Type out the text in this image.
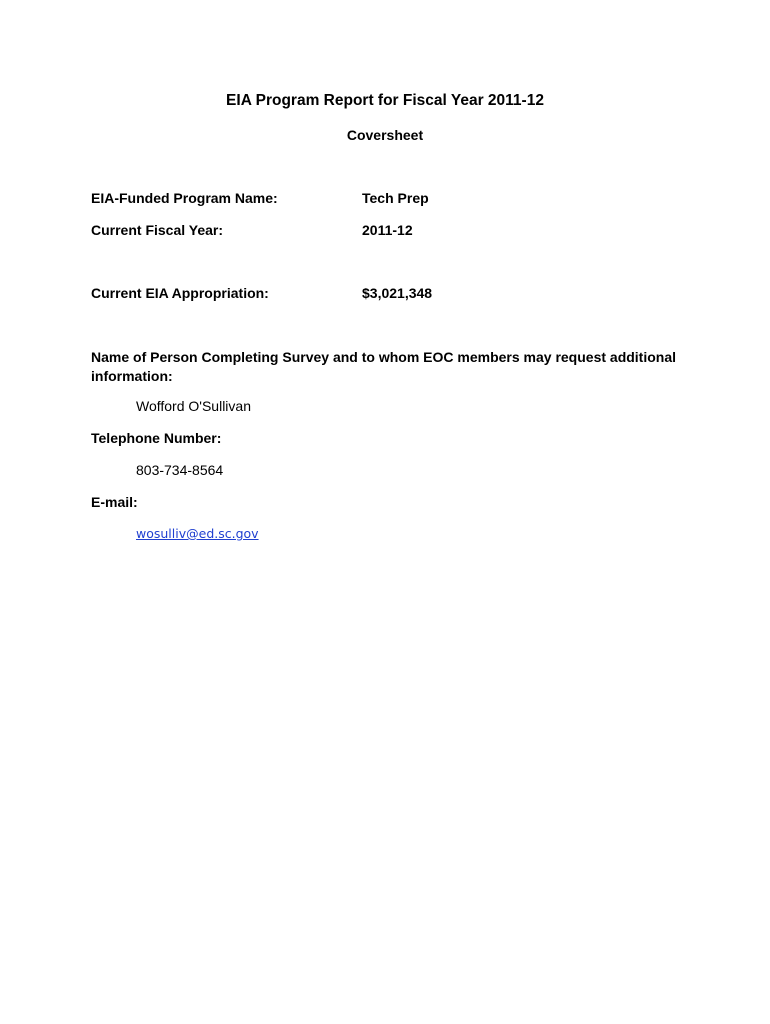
EIA Program Report for Fiscal Year 2011-12
Coversheet
EIA-Funded Program Name:	Tech Prep
Current Fiscal Year:	2011-12
Current EIA Appropriation:	$3,021,348
Name of Person Completing Survey and to whom EOC members may request additional information:
Wofford O'Sullivan
Telephone Number:
803-734-8564
E-mail:
wosulliv@ed.sc.gov
